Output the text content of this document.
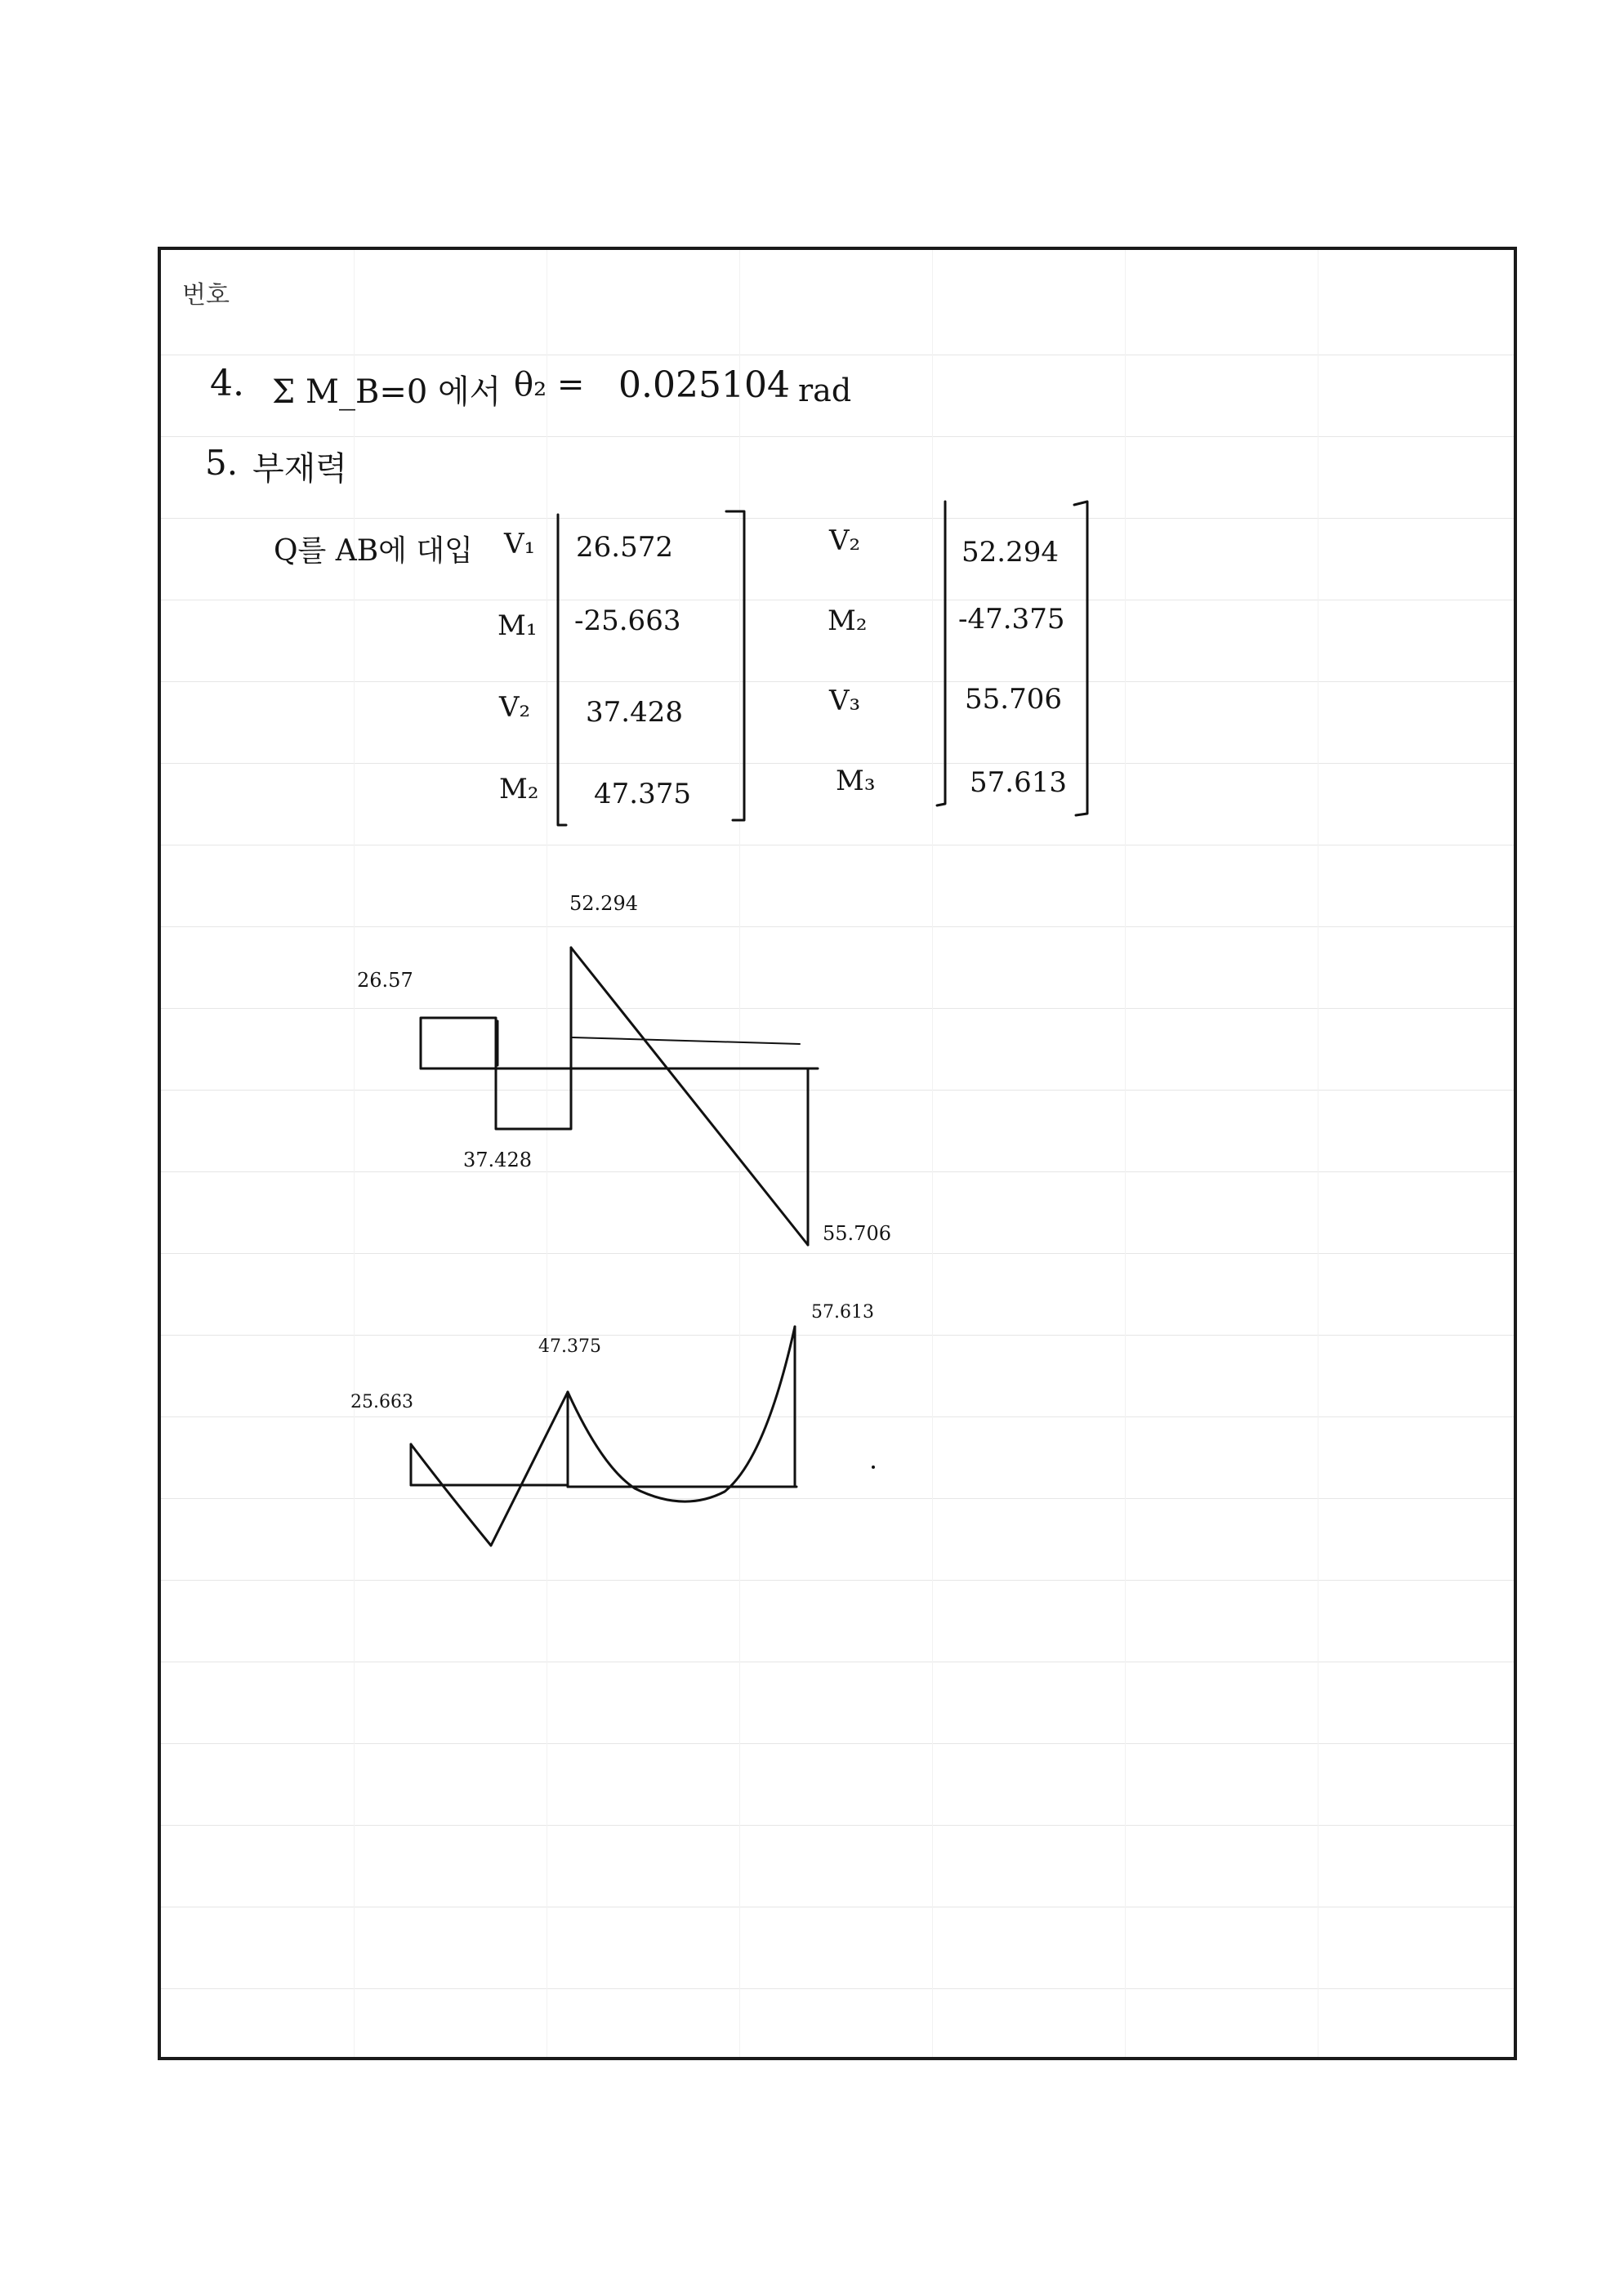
번호
4. Σ M_B=0 에서 θ₂ = 0.025104 rad
5. 부재력
Q를 AB에 대입 V₁
M₁
V₂
M₂
26.572
-25.663
37.428
47.375
V₂
M₂
V₃
M₃
52.294
-47.375
55.706
57.613
26.57
52.294
37.428
55.706
25.663
47.375
57.613
